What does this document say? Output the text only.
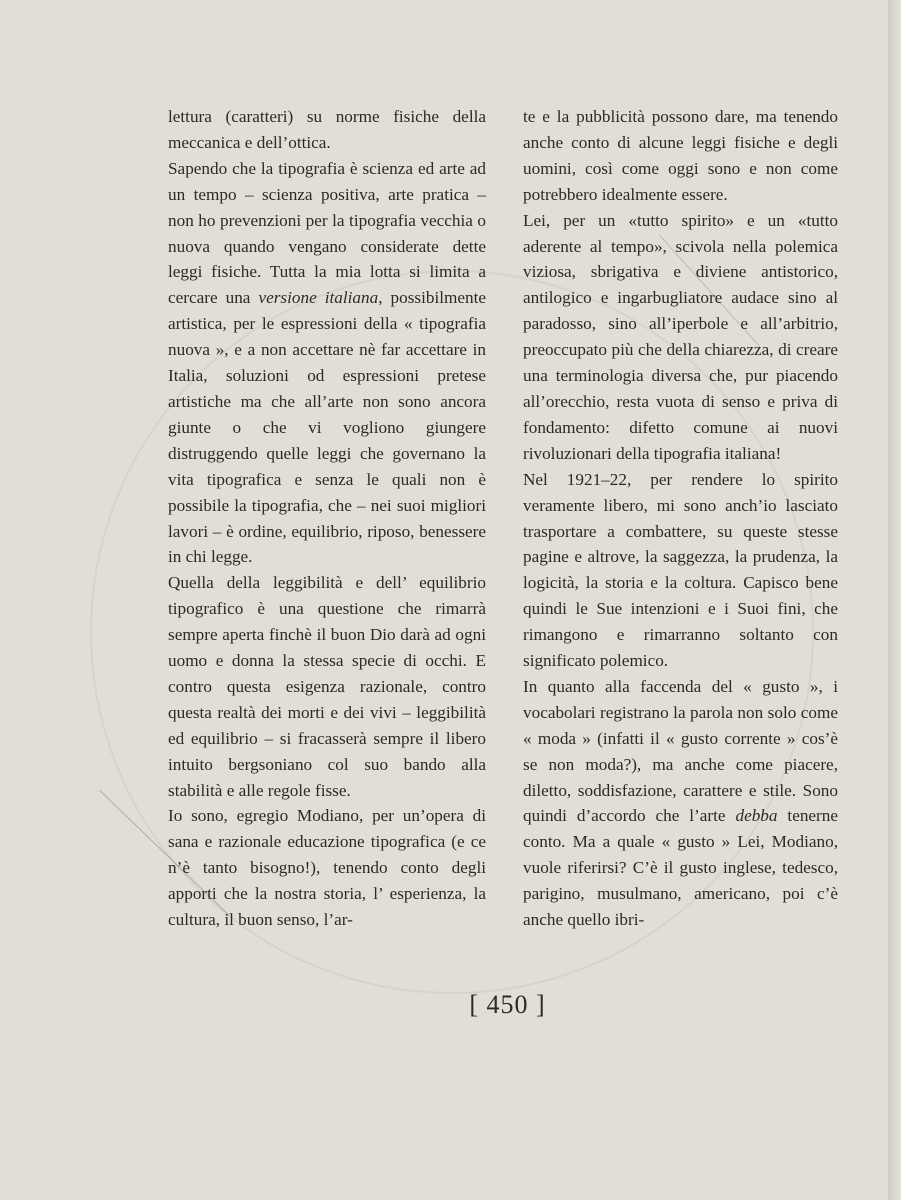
lettura (caratteri) su norme fisiche della meccanica e dell’ottica.

Sapendo che la tipografia è scienza ed arte ad un tempo – scienza positiva, arte pratica – non ho prevenzioni per la tipografia vecchia o nuova quando vengano considerate dette leggi fisiche. Tutta la mia lotta si limita a cercare una versione italiana, possibilmente artistica, per le espressioni della « tipografia nuova », e a non accettare nè far accettare in Italia, soluzioni od espressioni pretese artistiche ma che all’arte non sono ancora giunte o che vi vogliono giungere distruggendo quelle leggi che governano la vita tipografica e senza le quali non è possibile la tipografia, che – nei suoi migliori lavori – è ordine, equilibrio, riposo, benessere in chi legge.

Quella della leggibilità e dell’ equilibrio tipografico è una questione che rimarrà sempre aperta finchè il buon Dio darà ad ogni uomo e donna la stessa specie di occhi. E contro questa esigenza razionale, contro questa realtà dei morti e dei vivi – leggibilità ed equilibrio – si fracasserà sempre il libero intuito bergsoniano col suo bando alla stabilità e alle regole fisse.

Io sono, egregio Modiano, per un’opera di sana e razionale educazione tipografica (e ce n’è tanto bisogno!), tenendo conto degli apporti che la nostra storia, l’ esperienza, la cultura, il buon senso, l’ar-

te e la pubblicità possono dare, ma tenendo anche conto di alcune leggi fisiche e degli uomini, così come oggi sono e non come potrebbero idealmente essere.

Lei, per un «tutto spirito» e un «tutto aderente al tempo», scivola nella polemica viziosa, sbrigativa e diviene antistorico, antilogico e ingarbugliatore audace sino al paradosso, sino all’iperbole e all’arbitrio, preoccupato più che della chiarezza, di creare una terminologia diversa che, pur piacendo all’orecchio, resta vuota di senso e priva di fondamento: difetto comune ai nuovi rivoluzionari della tipografia italiana!

Nel 1921–22, per rendere lo spirito veramente libero, mi sono anch’io lasciato trasportare a combattere, su queste stesse pagine e altrove, la saggezza, la prudenza, la logicità, la storia e la coltura. Capisco bene quindi le Sue intenzioni e i Suoi fini, che rimangono e rimarranno soltanto con significato polemico.

In quanto alla faccenda del « gusto », i vocabolari registrano la parola non solo come « moda » (infatti il « gusto corrente » cos’è se non moda?), ma anche come piacere, diletto, soddisfazione, carattere e stile. Sono quindi d’accordo che l’arte debba tenerne conto. Ma a quale « gusto » Lei, Modiano, vuole riferirsi? C’è il gusto inglese, tedesco, parigino, musulmano, americano, poi c’è anche quello ibri-

[ 450 ]
